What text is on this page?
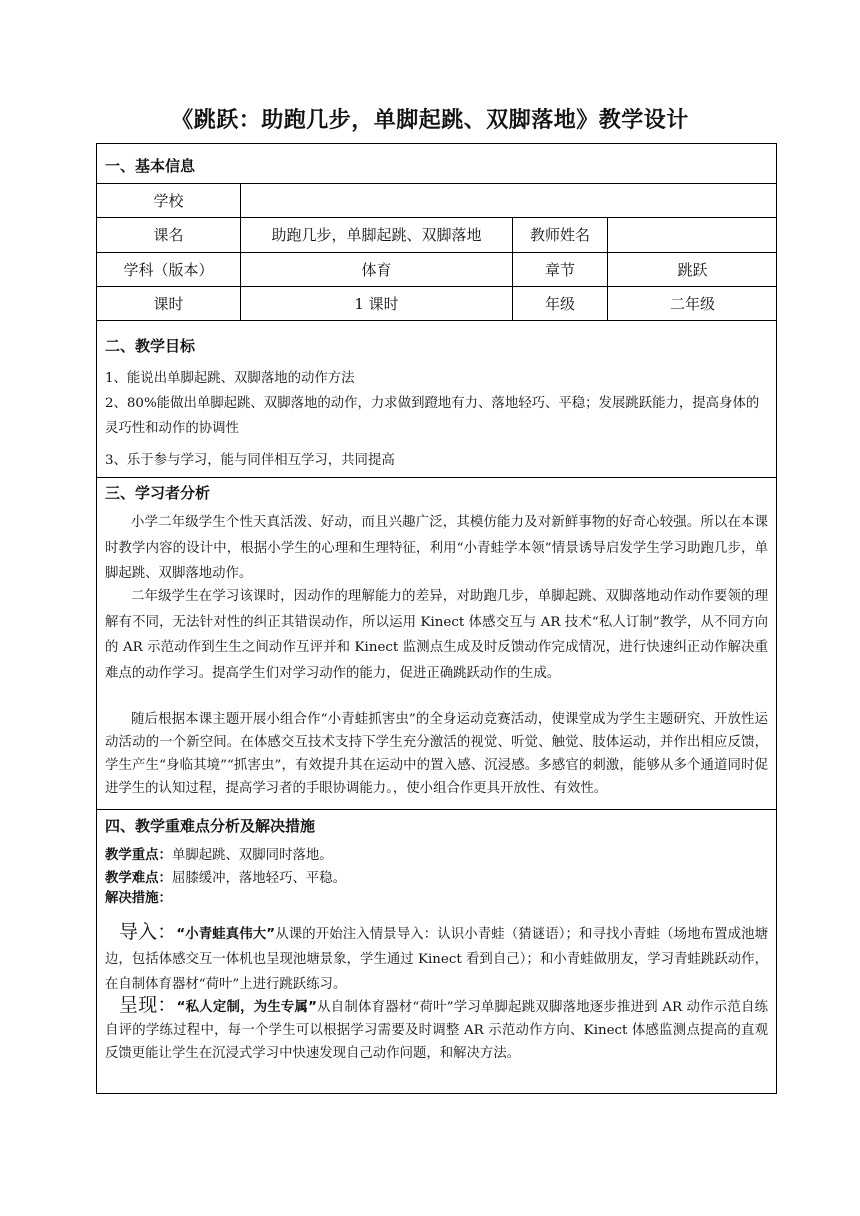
《跳跃：助跑几步，单脚起跳、双脚落地》教学设计
一、基本信息
学校
课名	助跑几步，单脚起跳、双脚落地	教师姓名
学科（版本）	体育	章节	跳跃
课时	1 课时	年级	二年级
二、教学目标
1、能说出单脚起跳、双脚落地的动作方法
2、80%能做出单脚起跳、双脚落地的动作，力求做到蹬地有力、落地轻巧、平稳；发展跳跃能力，提高身体的灵巧性和动作的协调性
3、乐于参与学习，能与同伴相互学习，共同提高
三、学习者分析
小学二年级学生个性天真活泼、好动，而且兴趣广泛，其模仿能力及对新鲜事物的好奇心较强。所以在本课时教学内容的设计中，根据小学生的心理和生理特征，利用“小青蛙学本领”情景诱导启发学生学习助跑几步，单脚起跳、双脚落地动作。
二年级学生在学习该课时，因动作的理解能力的差异，对助跑几步，单脚起跳、双脚落地动作动作要领的理解有不同，无法针对性的纠正其错误动作，所以运用 Kinect 体感交互与 AR 技术“私人订制”教学，从不同方向的 AR 示范动作到生生之间动作互评并和 Kinect 监测点生成及时反馈动作完成情况，进行快速纠正动作解决重难点的动作学习。提高学生们对学习动作的能力，促进正确跳跃动作的生成。
随后根据本课主题开展小组合作“小青蛙抓害虫”的全身运动竞赛活动，使课堂成为学生主题研究、开放性运动活动的一个新空间。在体感交互技术支持下学生充分激活的视觉、听觉、触觉、肢体运动，并作出相应反馈，学生产生“身临其境”“抓害虫”，有效提升其在运动中的置入感、沉浸感。多感官的刺激，能够从多个通道同时促进学生的认知过程，提高学习者的手眼协调能力。，使小组合作更具开放性、有效性。
四、教学重难点分析及解决措施
教学重点：单脚起跳、双脚同时落地。
教学难点：屈膝缓冲，落地轻巧、平稳。
解决措施：
导入：“小青蛙真伟大”从课的开始注入情景导入：认识小青蛙（猜谜语）；和寻找小青蛙（场地布置成池塘边，包括体感交互一体机也呈现池塘景象，学生通过 Kinect 看到自己）；和小青蛙做朋友，学习青蛙跳跃动作，在自制体育器材“荷叶”上进行跳跃练习。
呈现：“私人定制，为生专属”从自制体育器材“荷叶”学习单脚起跳双脚落地逐步推进到 AR 动作示范自练自评的学练过程中，每一个学生可以根据学习需要及时调整 AR 示范动作方向、Kinect 体感监测点提高的直观反馈更能让学生在沉浸式学习中快速发现自己动作问题，和解决方法。
